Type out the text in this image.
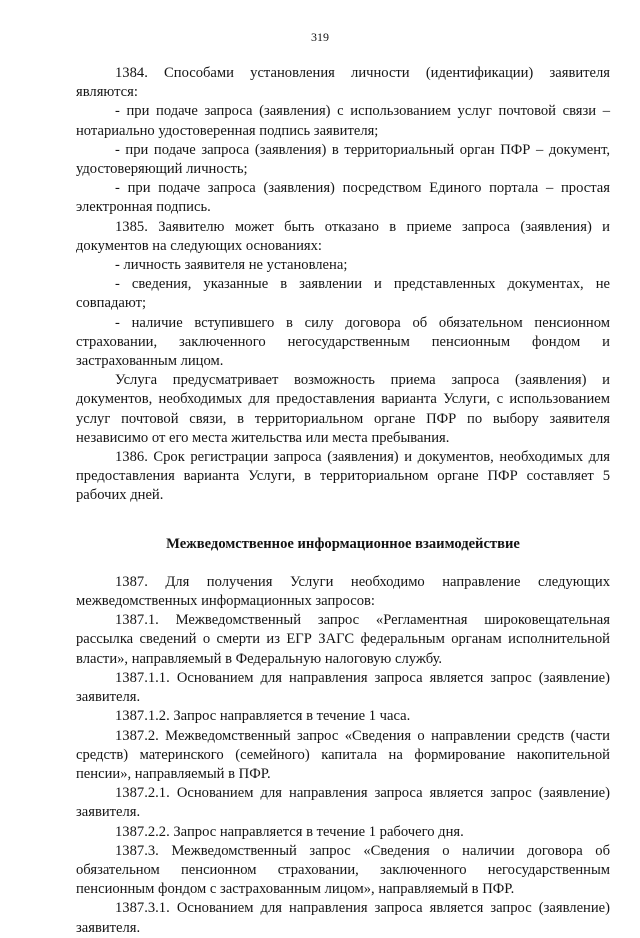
319

1384. Способами установления личности (идентификации) заявителя являются:

- при подаче запроса (заявления) с использованием услуг почтовой связи – нотариально удостоверенная подпись заявителя;

- при подаче запроса (заявления) в территориальный орган ПФР – документ, удостоверяющий личность;

- при подаче запроса (заявления) посредством Единого портала – простая электронная подпись.

1385. Заявителю может быть отказано в приеме запроса (заявления) и документов на следующих основаниях:

- личность заявителя не установлена;

- сведения, указанные в заявлении и представленных документах, не совпадают;

- наличие вступившего в силу договора об обязательном пенсионном страховании, заключенного негосударственным пенсионным фондом и застрахованным лицом.

Услуга предусматривает возможность приема запроса (заявления) и документов, необходимых для предоставления варианта Услуги, с использованием услуг почтовой связи, в территориальном органе ПФР по выбору заявителя независимо от его места жительства или места пребывания.

1386. Срок регистрации запроса (заявления) и документов, необходимых для предоставления варианта Услуги, в территориальном органе ПФР составляет 5 рабочих дней.

Межведомственное информационное взаимодействие

1387. Для получения Услуги необходимо направление следующих межведомственных информационных запросов:

1387.1. Межведомственный запрос «Регламентная широковещательная рассылка сведений о смерти из ЕГР ЗАГС федеральным органам исполнительной власти», направляемый в Федеральную налоговую службу.

1387.1.1. Основанием для направления запроса является запрос (заявление) заявителя.

1387.1.2. Запрос направляется в течение 1 часа.

1387.2. Межведомственный запрос «Сведения о направлении средств (части средств) материнского (семейного) капитала на формирование накопительной пенсии», направляемый в ПФР.

1387.2.1. Основанием для направления запроса является запрос (заявление) заявителя.

1387.2.2. Запрос направляется в течение 1 рабочего дня.

1387.3. Межведомственный запрос «Сведения о наличии договора об обязательном пенсионном страховании, заключенного негосударственным пенсионным фондом с застрахованным лицом», направляемый в ПФР.

1387.3.1. Основанием для направления запроса является запрос (заявление) заявителя.
